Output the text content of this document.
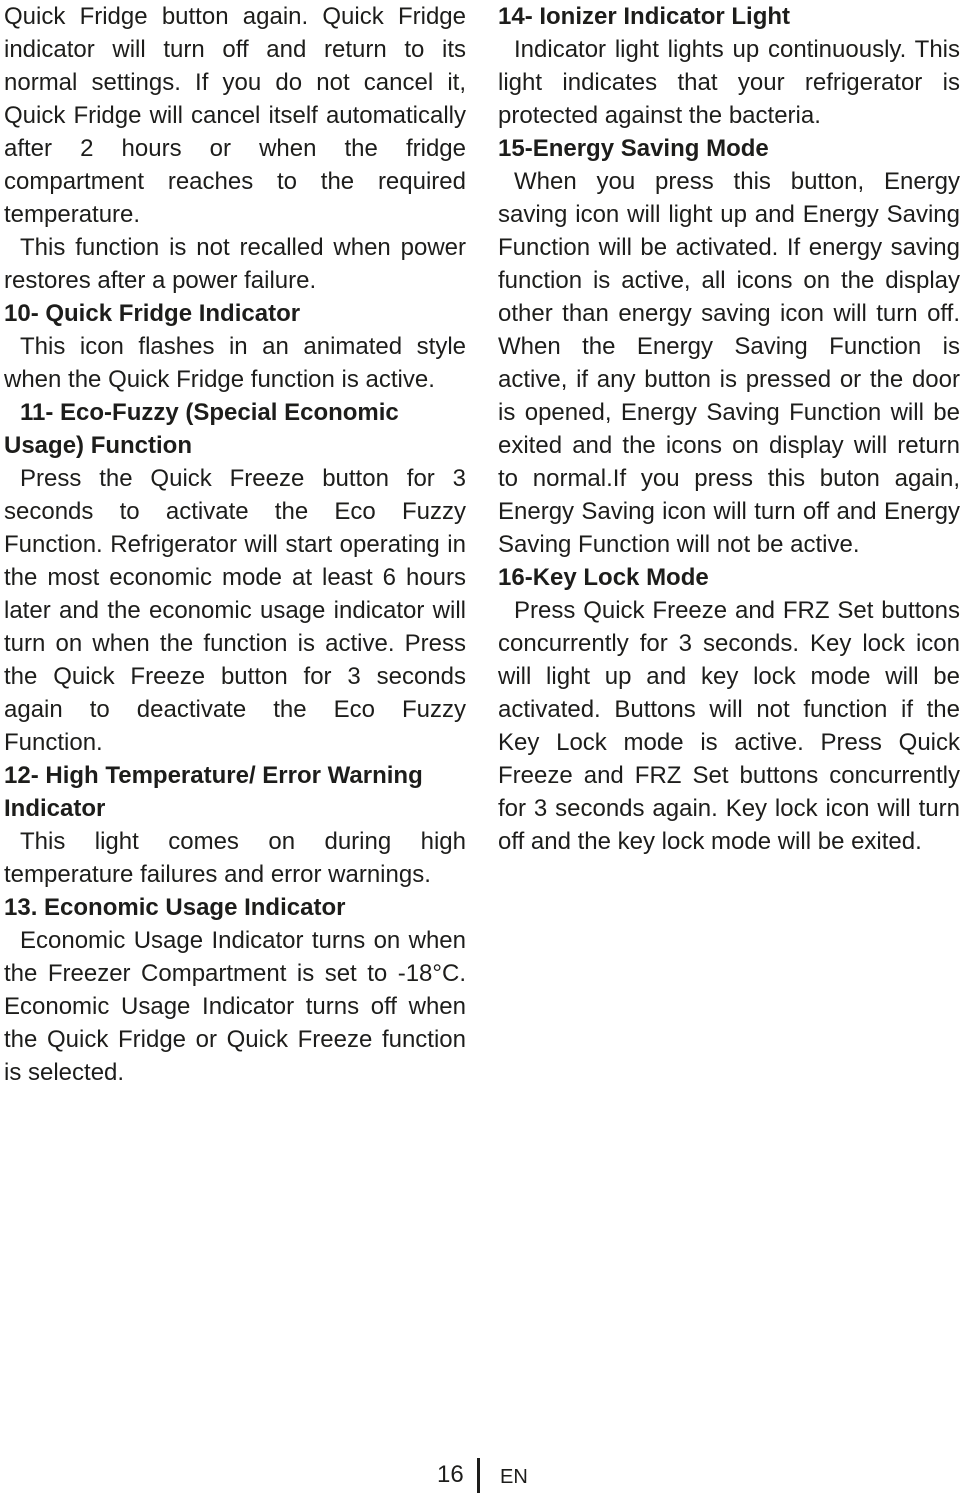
Quick Fridge button again. Quick Fridge indicator will turn off and return to its normal settings. If you do not cancel it, Quick Fridge will cancel itself automatically after 2 hours or when the fridge compartment reaches to the required temperature.

This function is not recalled when power restores after a power failure.

10- Quick Fridge Indicator

This icon flashes in an animated style when the Quick Fridge function is active.

11- Eco-Fuzzy (Special Economic Usage) Function

Press the Quick Freeze button for 3 seconds to activate the Eco Fuzzy Function. Refrigerator will start operating in the most economic mode at least 6 hours later and the economic usage indicator will turn on when the function is active. Press the Quick Freeze button for 3 seconds again to deactivate the Eco Fuzzy Function.

12- High Temperature/ Error Warning Indicator

This light comes on during high temperature failures and error warnings.

13. Economic Usage Indicator

Economic Usage Indicator turns on when the Freezer Compartment is set to -18°C. Economic Usage Indicator turns off when the Quick Fridge or Quick Freeze function is selected.

14- Ionizer Indicator Light

Indicator light lights up continuously. This light indicates that your refrigerator is protected against the bacteria.

15-Energy Saving Mode

When you press this button, Energy saving icon will light up and Energy Saving Function will be activated. If energy saving function is active, all icons on the display other than energy saving icon will turn off. When the Energy Saving Function is active, if any button is pressed or the door is opened, Energy Saving Function will be exited and the icons on display will return to normal.If you press this buton again, Energy Saving icon will turn off and Energy Saving Function will not be active.

16-Key Lock Mode

Press Quick Freeze and FRZ Set buttons concurrently for 3 seconds. Key lock icon will light up and key lock mode will be activated. Buttons will not function if the Key Lock mode is active. Press Quick Freeze and FRZ Set buttons concurrently for 3 seconds again. Key lock icon will turn off and the key lock mode will be exited.

16 EN
